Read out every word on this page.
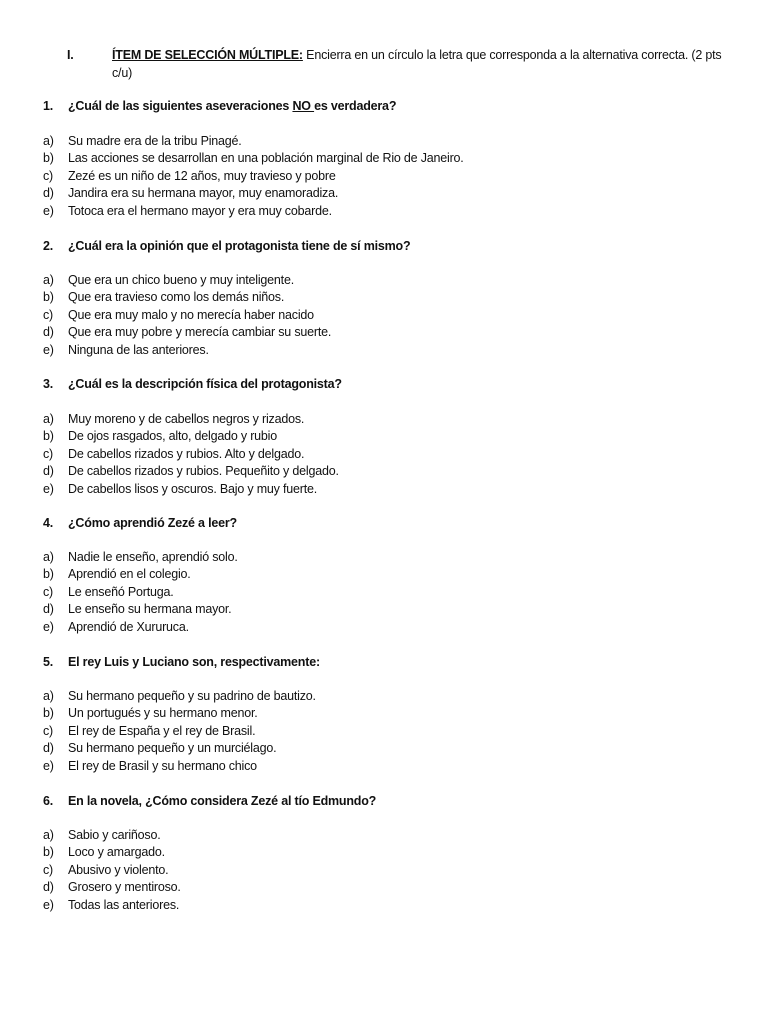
I.	ÍTEM DE SELECCIÓN MÚLTIPLE: Encierra en un círculo la letra que corresponda a la alternativa correcta. (2 pts c/u)
1. ¿Cuál de las siguientes aseveraciones NO es verdadera?
a) Su madre era de la tribu Pinagé.
b) Las acciones se desarrollan en una población marginal de Rio de Janeiro.
c) Zezé es un niño de 12 años, muy travieso y pobre
d) Jandira era su hermana mayor, muy enamoradiza.
e) Totoca era el hermano mayor y era muy cobarde.
2. ¿Cuál era la opinión que el protagonista tiene de sí mismo?
a) Que era un chico bueno y muy inteligente.
b) Que era travieso como los demás niños.
c) Que era muy malo y no merecía haber nacido
d) Que era muy pobre y merecía cambiar su suerte.
e) Ninguna de las anteriores.
3. ¿Cuál es la descripción física del protagonista?
a) Muy moreno y de cabellos negros y rizados.
b) De ojos rasgados, alto, delgado y rubio
c) De cabellos rizados y rubios. Alto y delgado.
d) De cabellos rizados y rubios. Pequeñito y delgado.
e) De cabellos lisos y oscuros. Bajo y muy fuerte.
4. ¿Cómo aprendió Zezé a leer?
a) Nadie le enseño, aprendió solo.
b) Aprendió en el colegio.
c) Le enseñó Portuga.
d) Le enseño su hermana mayor.
e) Aprendió de Xururuca.
5. El rey Luis y Luciano son, respectivamente:
a) Su hermano pequeño y su padrino de bautizo.
b) Un portugués y su hermano menor.
c) El rey de España y el rey de Brasil.
d) Su hermano pequeño y un murciélago.
e) El rey de Brasil y su hermano chico
6. En la novela, ¿Cómo considera Zezé al tío Edmundo?
a) Sabio y cariñoso.
b) Loco y amargado.
c) Abusivo y violento.
d) Grosero y mentiroso.
e) Todas las anteriores.
